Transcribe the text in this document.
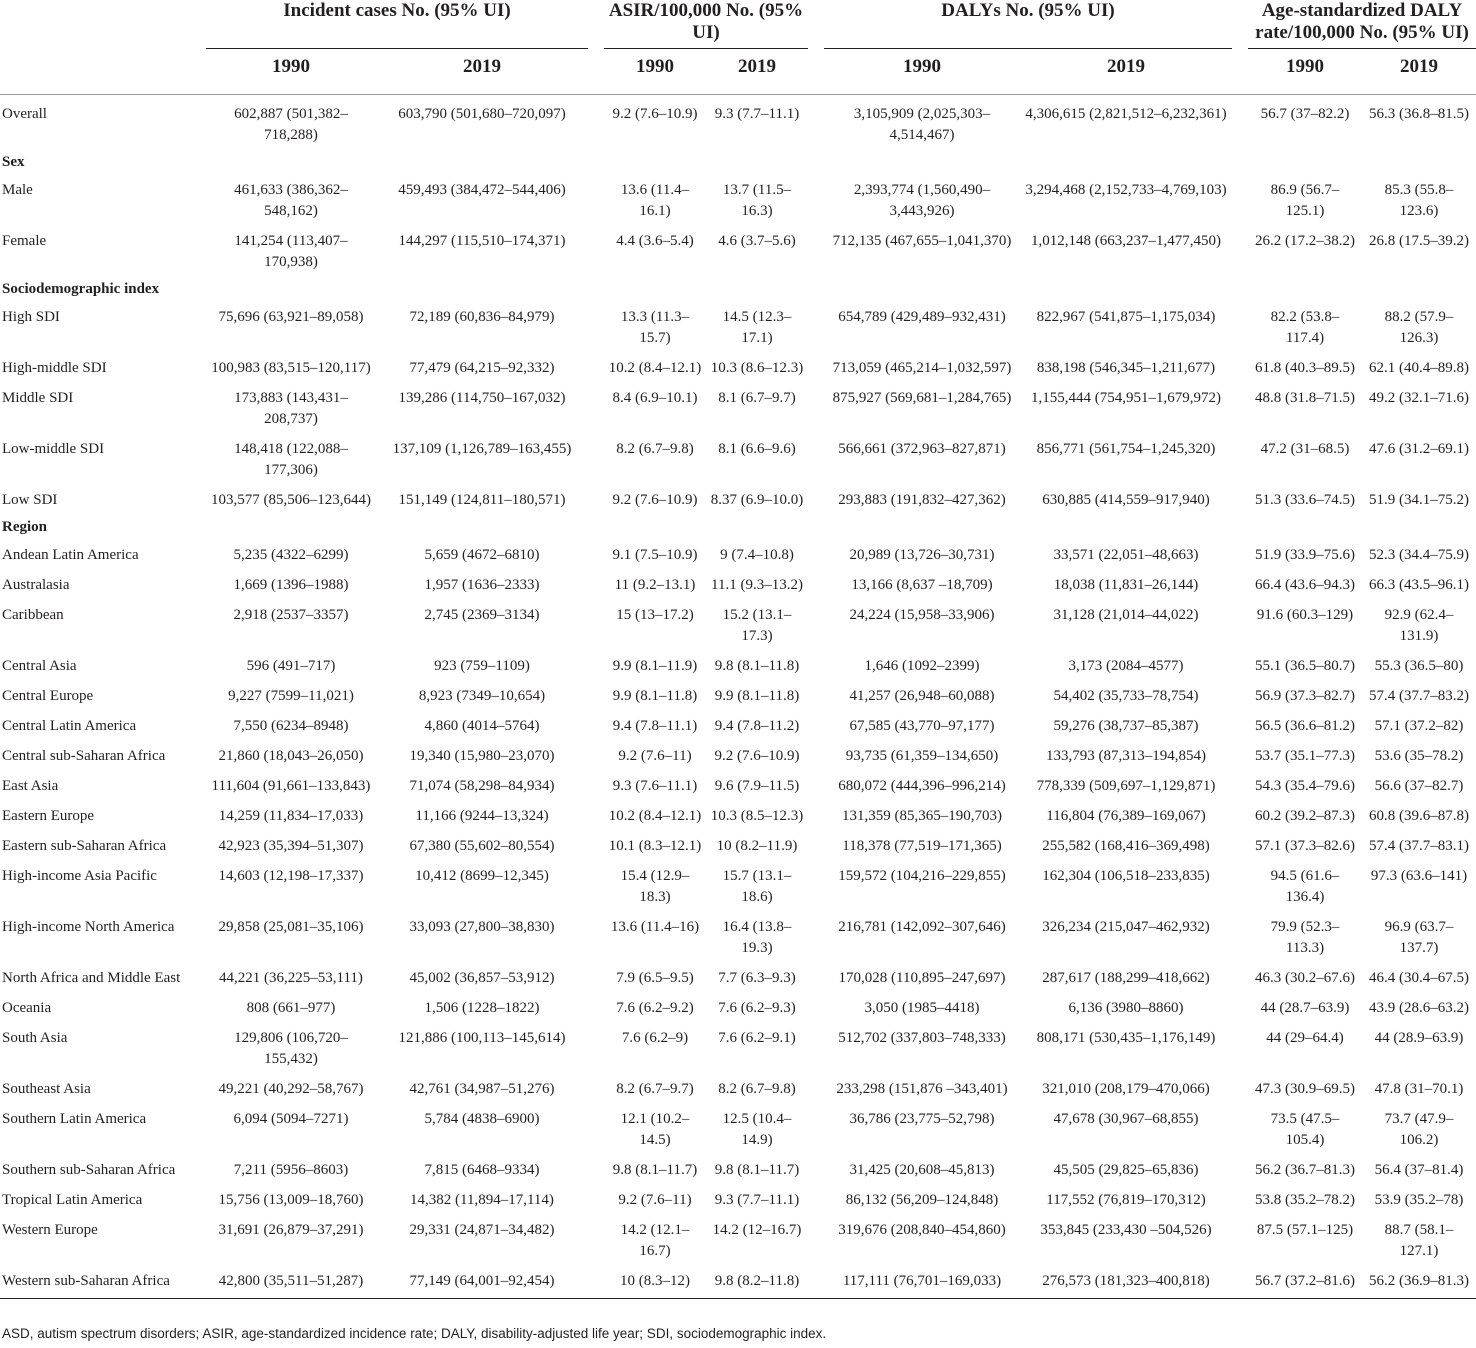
		Incident cases No. (95% UI)			ASIR/100,000 No. (95% UI)			DALYs No. (95% UI)			Age-standardized DALY rate/100,000 No. (95% UI)	

		1990	2019		1990	2019		1990	2019		1990	2019

Overall		602,887 (501,382–718,288)	603,790 (501,680–720,097)		9.2 (7.6–10.9)	9.3 (7.7–11.1)		3,105,909 (2,025,303–4,514,467)	4,306,615 (2,821,512–6,232,361)		56.7 (37–82.2)	56.3 (36.8–81.5)
Sex												
Male		461,633 (386,362–548,162)	459,493 (384,472–544,406)		13.6 (11.4–16.1)	13.7 (11.5–16.3)		2,393,774 (1,560,490–3,443,926)	3,294,468 (2,152,733–4,769,103)		86.9 (56.7–125.1)	85.3 (55.8–123.6)
Female		141,254 (113,407–170,938)	144,297 (115,510–174,371)		4.4 (3.6–5.4)	4.6 (3.7–5.6)		712,135 (467,655–1,041,370)	1,012,148 (663,237–1,477,450)		26.2 (17.2–38.2)	26.8 (17.5–39.2)
Sociodemographic index												
High SDI		75,696 (63,921–89,058)	72,189 (60,836–84,979)		13.3 (11.3–15.7)	14.5 (12.3–17.1)		654,789 (429,489–932,431)	822,967 (541,875–1,175,034)		82.2 (53.8–117.4)	88.2 (57.9–126.3)
High-middle SDI		100,983 (83,515–120,117)	77,479 (64,215–92,332)		10.2 (8.4–12.1)	10.3 (8.6–12.3)		713,059 (465,214–1,032,597)	838,198 (546,345–1,211,677)		61.8 (40.3–89.5)	62.1 (40.4–89.8)
Middle SDI		173,883 (143,431–208,737)	139,286 (114,750–167,032)		8.4 (6.9–10.1)	8.1 (6.7–9.7)		875,927 (569,681–1,284,765)	1,155,444 (754,951–1,679,972)		48.8 (31.8–71.5)	49.2 (32.1–71.6)
Low-middle SDI		148,418 (122,088–177,306)	137,109 (1,126,789–163,455)		8.2 (6.7–9.8)	8.1 (6.6–9.6)		566,661 (372,963–827,871)	856,771 (561,754–1,245,320)		47.2 (31–68.5)	47.6 (31.2–69.1)
Low SDI		103,577 (85,506–123,644)	151,149 (124,811–180,571)		9.2 (7.6–10.9)	8.37 (6.9–10.0)		293,883 (191,832–427,362)	630,885 (414,559–917,940)		51.3 (33.6–74.5)	51.9 (34.1–75.2)
Region												
Andean Latin America		5,235 (4322–6299)	5,659 (4672–6810)		9.1 (7.5–10.9)	9 (7.4–10.8)		20,989 (13,726–30,731)	33,571 (22,051–48,663)		51.9 (33.9–75.6)	52.3 (34.4–75.9)
Australasia		1,669 (1396–1988)	1,957 (1636–2333)		11 (9.2–13.1)	11.1 (9.3–13.2)		13,166 (8,637 –18,709)	18,038 (11,831–26,144)		66.4 (43.6–94.3)	66.3 (43.5–96.1)
Caribbean		2,918 (2537–3357)	2,745 (2369–3134)		15 (13–17.2)	15.2 (13.1–17.3)		24,224 (15,958–33,906)	31,128 (21,014–44,022)		91.6 (60.3–129)	92.9 (62.4–131.9)
Central Asia		596 (491–717)	923 (759–1109)		9.9 (8.1–11.9)	9.8 (8.1–11.8)		1,646 (1092–2399)	3,173 (2084–4577)		55.1 (36.5–80.7)	55.3 (36.5–80)
Central Europe		9,227 (7599–11,021)	8,923 (7349–10,654)		9.9 (8.1–11.8)	9.9 (8.1–11.8)		41,257 (26,948–60,088)	54,402 (35,733–78,754)		56.9 (37.3–82.7)	57.4 (37.7–83.2)
Central Latin America		7,550 (6234–8948)	4,860 (4014–5764)		9.4 (7.8–11.1)	9.4 (7.8–11.2)		67,585 (43,770–97,177)	59,276 (38,737–85,387)		56.5 (36.6–81.2)	57.1 (37.2–82)
Central sub-Saharan Africa		21,860 (18,043–26,050)	19,340 (15,980–23,070)		9.2 (7.6–11)	9.2 (7.6–10.9)		93,735 (61,359–134,650)	133,793 (87,313–194,854)		53.7 (35.1–77.3)	53.6 (35–78.2)
East Asia		111,604 (91,661–133,843)	71,074 (58,298–84,934)		9.3 (7.6–11.1)	9.6 (7.9–11.5)		680,072 (444,396–996,214)	778,339 (509,697–1,129,871)		54.3 (35.4–79.6)	56.6 (37–82.7)
Eastern Europe		14,259 (11,834–17,033)	11,166 (9244–13,324)		10.2 (8.4–12.1)	10.3 (8.5–12.3)		131,359 (85,365–190,703)	116,804 (76,389–169,067)		60.2 (39.2–87.3)	60.8 (39.6–87.8)
Eastern sub-Saharan Africa		42,923 (35,394–51,307)	67,380 (55,602–80,554)		10.1 (8.3–12.1)	10 (8.2–11.9)		118,378 (77,519–171,365)	255,582 (168,416–369,498)		57.1 (37.3–82.6)	57.4 (37.7–83.1)
High-income Asia Pacific		14,603 (12,198–17,337)	10,412 (8699–12,345)		15.4 (12.9–18.3)	15.7 (13.1–18.6)		159,572 (104,216–229,855)	162,304 (106,518–233,835)		94.5 (61.6–136.4)	97.3 (63.6–141)
High-income North America		29,858 (25,081–35,106)	33,093 (27,800–38,830)		13.6 (11.4–16)	16.4 (13.8–19.3)		216,781 (142,092–307,646)	326,234 (215,047–462,932)		79.9 (52.3–113.3)	96.9 (63.7–137.7)
North Africa and Middle East		44,221 (36,225–53,111)	45,002 (36,857–53,912)		7.9 (6.5–9.5)	7.7 (6.3–9.3)		170,028 (110,895–247,697)	287,617 (188,299–418,662)		46.3 (30.2–67.6)	46.4 (30.4–67.5)
Oceania		808 (661–977)	1,506 (1228–1822)		7.6 (6.2–9.2)	7.6 (6.2–9.3)		3,050 (1985–4418)	6,136 (3980–8860)		44 (28.7–63.9)	43.9 (28.6–63.2)
South Asia		129,806 (106,720–155,432)	121,886 (100,113–145,614)		7.6 (6.2–9)	7.6 (6.2–9.1)		512,702 (337,803–748,333)	808,171 (530,435–1,176,149)		44 (29–64.4)	44 (28.9–63.9)
Southeast Asia		49,221 (40,292–58,767)	42,761 (34,987–51,276)		8.2 (6.7–9.7)	8.2 (6.7–9.8)		233,298 (151,876 –343,401)	321,010 (208,179–470,066)		47.3 (30.9–69.5)	47.8 (31–70.1)
Southern Latin America		6,094 (5094–7271)	5,784 (4838–6900)		12.1 (10.2–14.5)	12.5 (10.4–14.9)		36,786 (23,775–52,798)	47,678 (30,967–68,855)		73.5 (47.5–105.4)	73.7 (47.9–106.2)
Southern sub-Saharan Africa		7,211 (5956–8603)	7,815 (6468–9334)		9.8 (8.1–11.7)	9.8 (8.1–11.7)		31,425 (20,608–45,813)	45,505 (29,825–65,836)		56.2 (36.7–81.3)	56.4 (37–81.4)
Tropical Latin America		15,756 (13,009–18,760)	14,382 (11,894–17,114)		9.2 (7.6–11)	9.3 (7.7–11.1)		86,132 (56,209–124,848)	117,552 (76,819–170,312)		53.8 (35.2–78.2)	53.9 (35.2–78)
Western Europe		31,691 (26,879–37,291)	29,331 (24,871–34,482)		14.2 (12.1–16.7)	14.2 (12–16.7)		319,676 (208,840–454,860)	353,845 (233,430 –504,526)		87.5 (57.1–125)	88.7 (58.1–127.1)
Western sub-Saharan Africa		42,800 (35,511–51,287)	77,149 (64,001–92,454)		10 (8.3–12)	9.8 (8.2–11.8)		117,111 (76,701–169,033)	276,573 (181,323–400,818)		56.7 (37.2–81.6)	56.2 (36.9–81.3)
ASD, autism spectrum disorders; ASIR, age-standardized incidence rate; DALY, disability-adjusted life year; SDI, sociodemographic index.
